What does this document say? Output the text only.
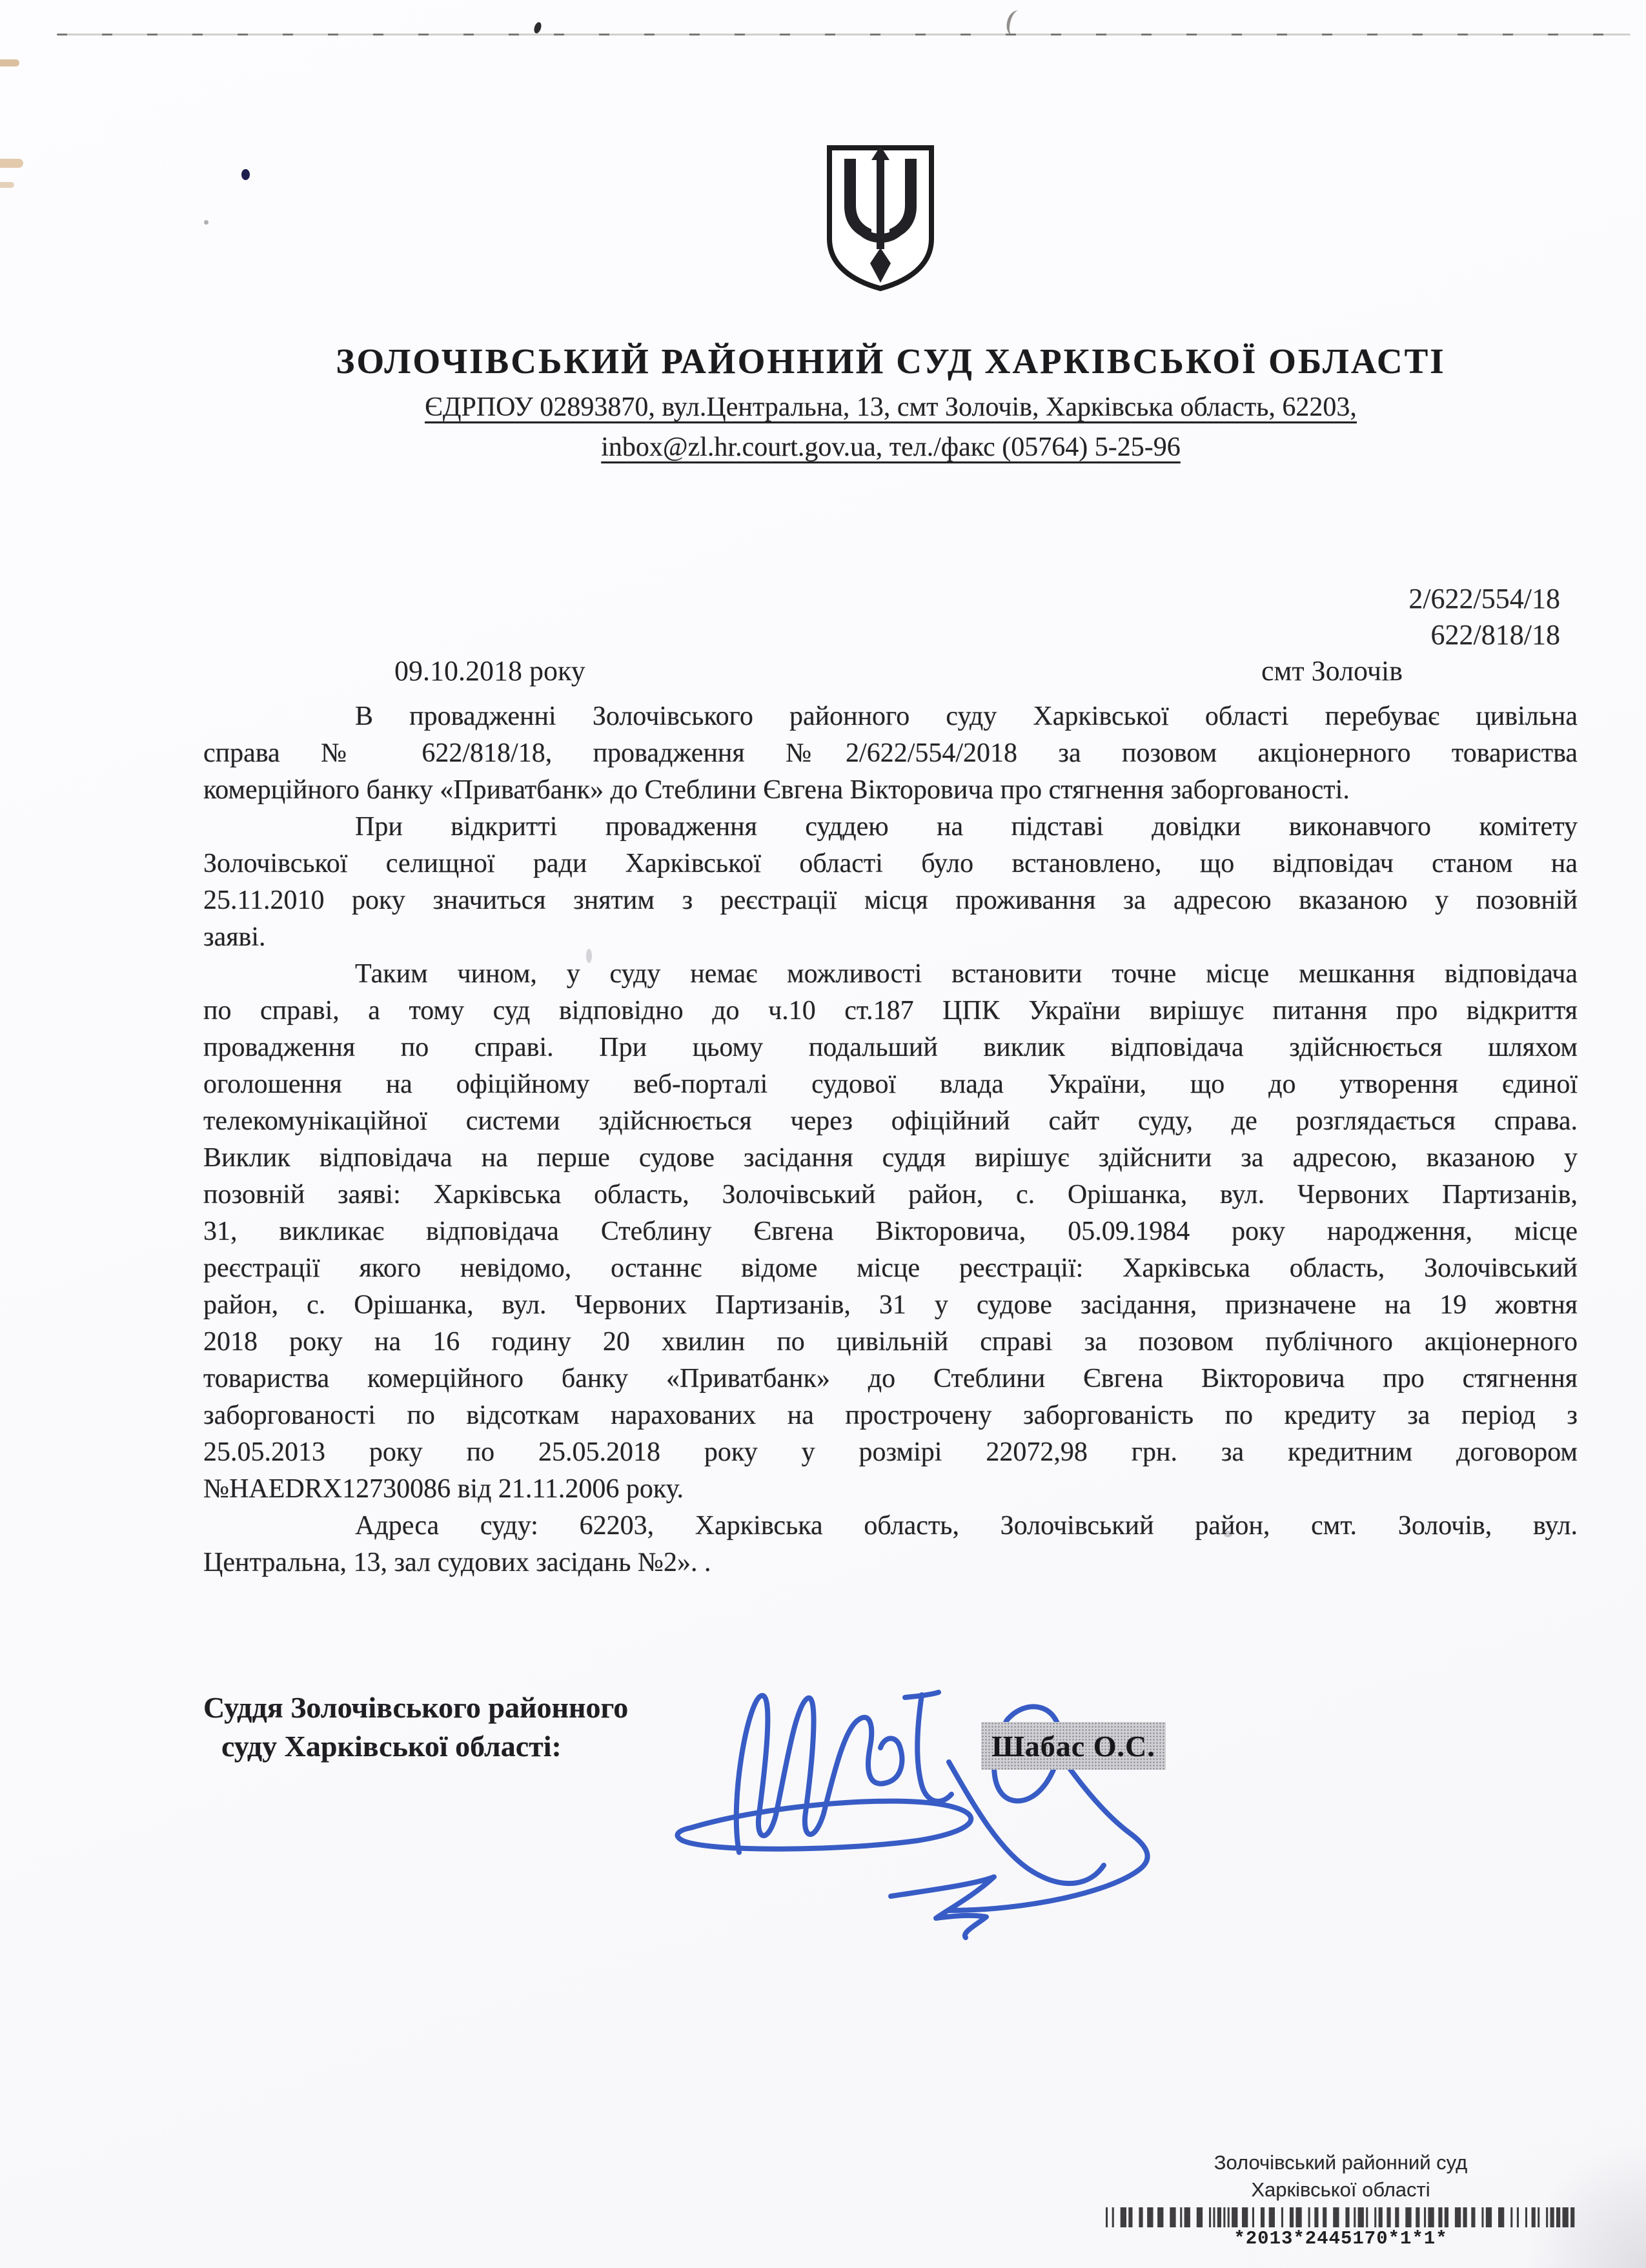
ЗОЛОЧІВСЬКИЙ РАЙОННИЙ СУД ХАРКІВСЬКОЇ ОБЛАСТІ
ЄДРПОУ 02893870, вул.Центральна, 13, смт Золочів, Харківська область, 62203,
inbox@zl.hr.court.gov.ua, тел./факс (05764) 5-25-96
2/622/554/18
622/818/18
09.10.2018 року	смт Золочів
В провадженні Золочівського районного суду Харківської області перебуває цивільна
справа № 622/818/18, провадження №2/622/554/2018 за позовом акціонерного товариства
комерційного банку «Приватбанк» до Стеблини Євгена Вікторовича про стягнення заборгованості.
При відкритті провадження суддею на підставі довідки виконавчого комітету
Золочівської селищної ради Харківської області було встановлено, що відповідач станом на
25.11.2010 року значиться знятим з реєстрації місця проживання за адресою вказаною у позовній
заяві.
Таким чином, у суду немає можливості встановити точне місце мешкання відповідача
по справі, а тому суд відповідно до ч.10 ст.187 ЦПК України вирішує питання про відкриття
провадження по справі. При цьому подальший виклик відповідача здійснюється шляхом
оголошення на офіційному веб-порталі судової влада України, що до утворення єдиної
телекомунікаційної системи здійснюється через офіційний сайт суду, де розглядається справа.
Виклик відповідача на перше судове засідання суддя вирішує здійснити за адресою, вказаною у
позовній заяві: Харківська область, Золочівський район, с. Орішанка, вул. Червоних Партизанів,
31, викликає відповідача Стеблину Євгена Вікторовича, 05.09.1984 року народження, місце
реєстрації якого невідомо, останнє відоме місце реєстрації: Харківська область, Золочівський
район, с. Орішанка, вул. Червоних Партизанів, 31 у судове засідання, призначене на 19 жовтня
2018 року на 16 годину 20 хвилин по цивільній справі за позовом публічного акціонерного
товариства комерційного банку «Приватбанк» до Стеблини Євгена Вікторовича про стягнення
заборгованості по відсоткам нарахованих на прострочену заборгованість по кредиту за період з
25.05.2013 року по 25.05.2018 року у розмірі 22072,98 грн. за кредитним договором
№HAEDRX12730086 від 21.11.2006 року.
Адреса суду: 62203, Харківська область, Золочівський район, смт. Золочів, вул.
Центральна, 13, зал судових засідань №2». .
Суддя Золочівського районного
суду Харківської області:	Шабас О.С.
Золочівський районний суд
Харківської області
*2013*2445170*1*1*
